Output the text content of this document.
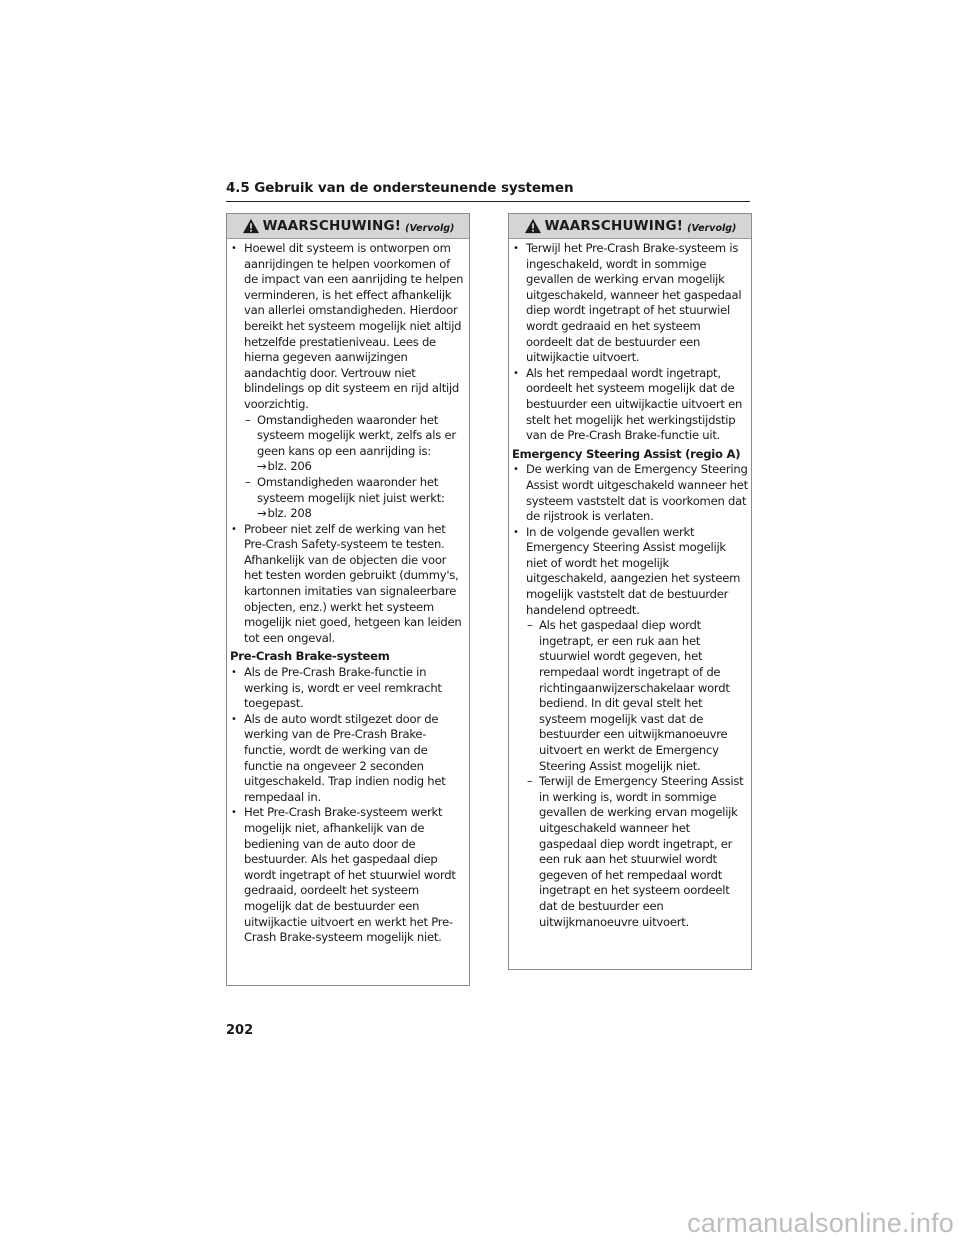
4.5 Gebruik van de ondersteunende systemen
WAARSCHUWING! (Vervolg)
• Hoewel dit systeem is ontworpen om aanrijdingen te helpen voorkomen of de impact van een aanrijding te helpen verminderen, is het effect afhankelijk van allerlei omstandigheden. Hierdoor bereikt het systeem mogelijk niet altijd hetzelfde prestatieniveau. Lees de hierna gegeven aanwijzingen aandachtig door. Vertrouw niet blindelings op dit systeem en rijd altijd voorzichtig.
– Omstandigheden waaronder het systeem mogelijk werkt, zelfs als er geen kans op een aanrijding is:
→blz. 206
– Omstandigheden waaronder het systeem mogelijk niet juist werkt:
→blz. 208
• Probeer niet zelf de werking van het Pre-Crash Safety-systeem te testen. Afhankelijk van de objecten die voor het testen worden gebruikt (dummy's, kartonnen imitaties van signaleerbare objecten, enz.) werkt het systeem mogelijk niet goed, hetgeen kan leiden tot een ongeval.
Pre-Crash Brake-systeem
• Als de Pre-Crash Brake-functie in werking is, wordt er veel remkracht toegepast.
• Als de auto wordt stilgezet door de werking van de Pre-Crash Brake-functie, wordt de werking van de functie na ongeveer 2 seconden uitgeschakeld. Trap indien nodig het rempedaal in.
• Het Pre-Crash Brake-systeem werkt mogelijk niet, afhankelijk van de bediening van de auto door de bestuurder. Als het gaspedaal diep wordt ingetrapt of het stuurwiel wordt gedraaid, oordeelt het systeem mogelijk dat de bestuurder een uitwijkactie uitvoert en werkt het Pre-Crash Brake-systeem mogelijk niet.
WAARSCHUWING! (Vervolg)
• Terwijl het Pre-Crash Brake-systeem is ingeschakeld, wordt in sommige gevallen de werking ervan mogelijk uitgeschakeld, wanneer het gaspedaal diep wordt ingetrapt of het stuurwiel wordt gedraaid en het systeem oordeelt dat de bestuurder een uitwijkactie uitvoert.
• Als het rempedaal wordt ingetrapt, oordeelt het systeem mogelijk dat de bestuurder een uitwijkactie uitvoert en stelt het mogelijk het werkingstijdstip van de Pre-Crash Brake-functie uit.
Emergency Steering Assist (regio A)
• De werking van de Emergency Steering Assist wordt uitgeschakeld wanneer het systeem vaststelt dat is voorkomen dat de rijstrook is verlaten.
• In de volgende gevallen werkt Emergency Steering Assist mogelijk niet of wordt het mogelijk uitgeschakeld, aangezien het systeem mogelijk vaststelt dat de bestuurder handelend optreedt.
– Als het gaspedaal diep wordt ingetrapt, er een ruk aan het stuurwiel wordt gegeven, het rempedaal wordt ingetrapt of de richtingaanwijzerschakelaar wordt bediend. In dit geval stelt het systeem mogelijk vast dat de bestuurder een uitwijkmanoeuvre uitvoert en werkt de Emergency Steering Assist mogelijk niet.
– Terwijl de Emergency Steering Assist in werking is, wordt in sommige gevallen de werking ervan mogelijk uitgeschakeld wanneer het gaspedaal diep wordt ingetrapt, er een ruk aan het stuurwiel wordt gegeven of het rempedaal wordt ingetrapt en het systeem oordeelt dat de bestuurder een uitwijkmanoeuvre uitvoert.
202
carmanualsonline.info
